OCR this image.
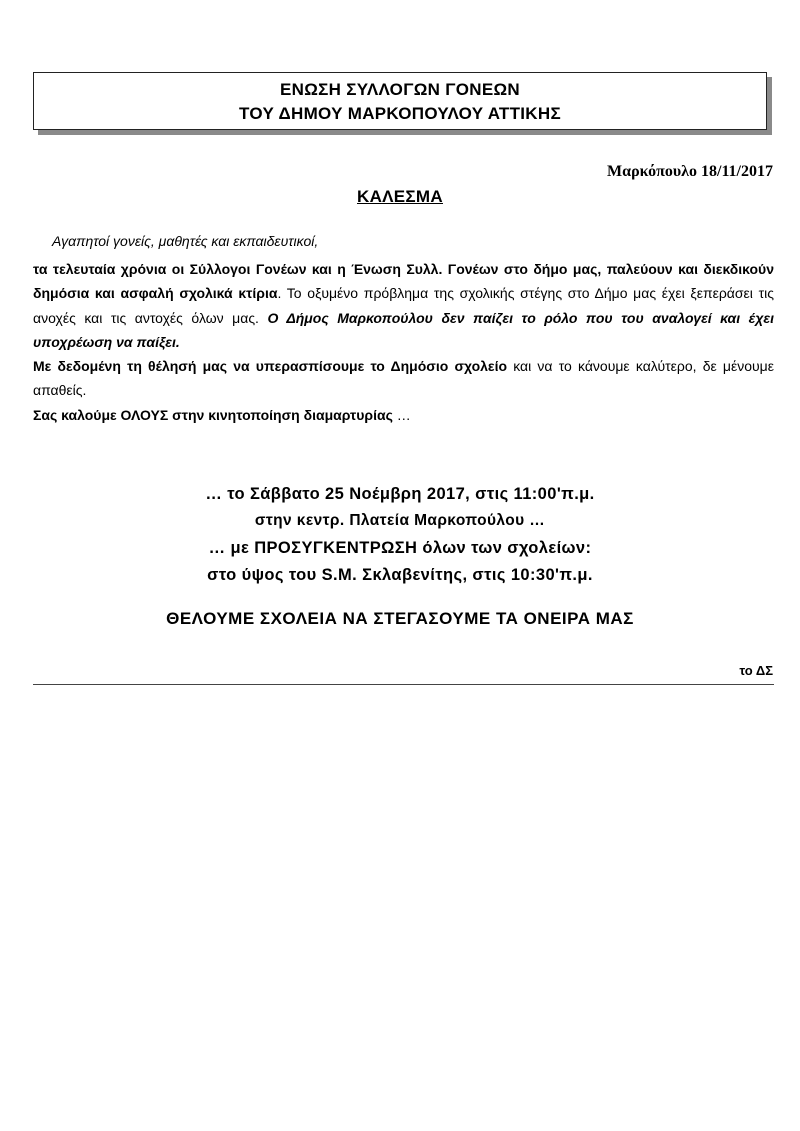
ΕΝΩΣΗ ΣΥΛΛΟΓΩΝ ΓΟΝΕΩΝ
ΤΟΥ ΔΗΜΟΥ ΜΑΡΚΟΠΟΥΛΟΥ ΑΤΤΙΚΗΣ
Μαρκόπουλο 18/11/2017
ΚΑΛΕΣΜΑ
Αγαπητοί γονείς, μαθητές και εκπαιδευτικοί,

τα τελευταία χρόνια οι Σύλλογοι Γονέων και η Ένωση Συλλ. Γονέων στο δήμο μας, παλεύουν και διεκδικούν δημόσια και ασφαλή σχολικά κτίρια. Το οξυμένο πρόβλημα της σχολικής στέγης στο Δήμο μας έχει ξεπεράσει τις ανοχές και τις αντοχές όλων μας. Ο Δήμος Μαρκοπούλου δεν παίζει το ρόλο που του αναλογεί και έχει υποχρέωση να παίξει.

Με δεδομένη τη θέλησή μας να υπερασπίσουμε το Δημόσιο σχολείο και να το κάνουμε καλύτερο, δε μένουμε απαθείς.

Σας καλούμε ΟΛΟΥΣ στην κινητοποίηση διαμαρτυρίας …

… το Σάββατο 25 Νοέμβρη 2017, στις 11:00'π.μ.
στην κεντρ. Πλατεία Μαρκοπούλου …
… με ΠΡΟΣΥΓΚΕΝΤΡΩΣΗ όλων των σχολείων:
στο ύψος του S.M. Σκλαβενίτης, στις 10:30'π.μ.
ΘΕΛΟΥΜΕ ΣΧΟΛΕΙΑ ΝΑ ΣΤΕΓΑΣΟΥΜΕ ΤΑ ΟΝΕΙΡΑ ΜΑΣ
το ΔΣ
